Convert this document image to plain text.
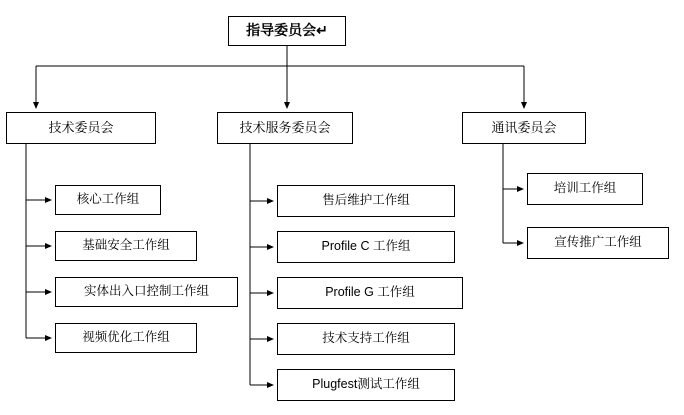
指导委员会↵
技术委员会	技术服务委员会	通讯委员会
核心工作组
基础安全工作组
实体出入口控制工作组
视频优化工作组
售后维护工作组
Profile C 工作组
Profile G 工作组
技术支持工作组
Plugfest测试工作组
培训工作组
宣传推广工作组
